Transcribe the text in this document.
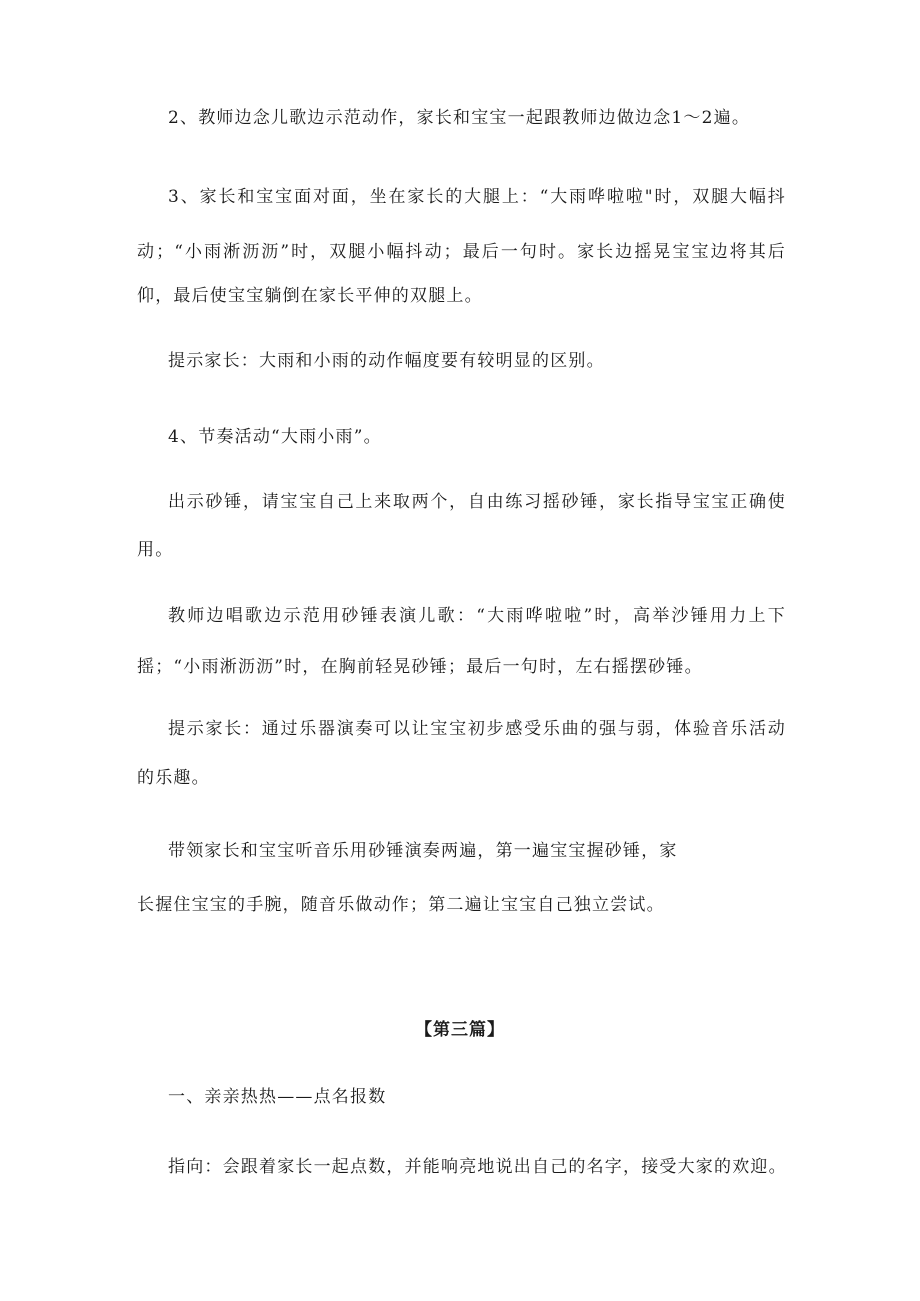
2、教师边念儿歌边示范动作，家长和宝宝一起跟教师边做边念1～2遍。
3、家长和宝宝面对面，坐在家长的大腿上：“大雨哗啦啦"时，双腿大幅抖
动；“小雨淅沥沥”时，双腿小幅抖动；最后一句时。家长边摇晃宝宝边将其后
仰，最后使宝宝躺倒在家长平伸的双腿上。
提示家长：大雨和小雨的动作幅度要有较明显的区别。
4、节奏活动“大雨小雨”。
出示砂锤，请宝宝自己上来取两个，自由练习摇砂锤，家长指导宝宝正确使
用。
教师边唱歌边示范用砂锤表演儿歌：“大雨哗啦啦”时，高举沙锤用力上下
摇；“小雨淅沥沥”时，在胸前轻晃砂锤；最后一句时，左右摇摆砂锤。
提示家长：通过乐器演奏可以让宝宝初步感受乐曲的强与弱，体验音乐活动
的乐趣。
带领家长和宝宝听音乐用砂锤演奏两遍，第一遍宝宝握砂锤，家
长握住宝宝的手腕，随音乐做动作；第二遍让宝宝自己独立尝试。
【第三篇】
一、亲亲热热——点名报数
指向：会跟着家长一起点数，并能响亮地说出自己的名字，接受大家的欢迎。
